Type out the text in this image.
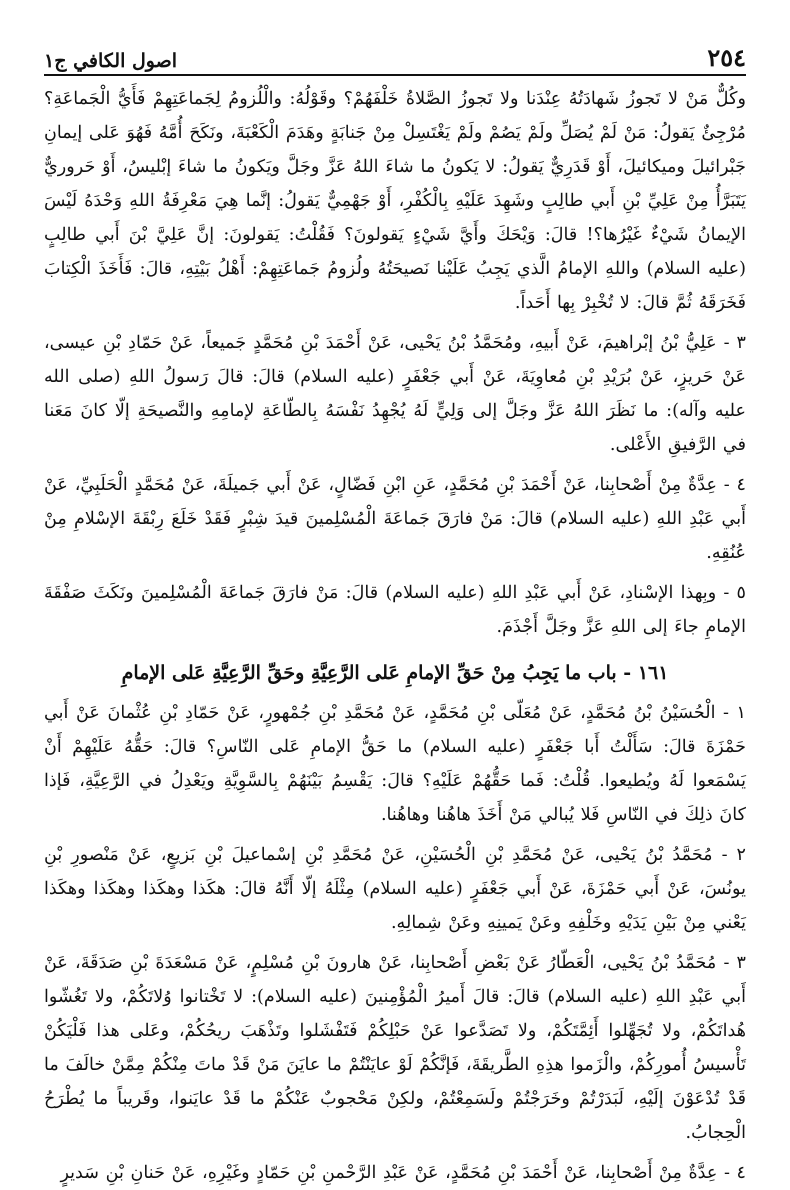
٢٥٤
اصول الكافي ج١

وكُلٌّ مَنْ لا تَجوزُ شَهادَتُهُ عِنْدَنا ولا تَجوزُ الصَّلاةُ خَلْفَهُمْ؟ وقَوْلُهُ: والْلُزومُ لِجَماعَتِهِمْ فَأَيُّ الْجَماعَةِ؟ مُرْجِئٌ يَقولُ: مَنْ لَمْ يُصَلِّ ولَمْ يَصُمْ ولَمْ يَغْتَسِلْ مِنْ جَنابَةٍ وهَدَمَ الْكَعْبَةَ، ونَكَحَ أُمَّهُ فَهُوَ عَلى إيمانِ جَبْرائيلَ وميكائيلَ، أَوْ قَدَرِيٌّ يَقولُ: لا يَكونُ ما شاءَ اللهُ عَزَّ وجَلَّ ويَكونُ ما شاءَ إبْليسُ، أَوْ حَروريٌّ يَتَبَرَّأُ مِنْ عَلِيِّ بْنِ أَبي طالِبٍ وشَهِدَ عَلَيْهِ بِالْكُفْرِ، أَوْ جَهْمِيٌّ يَقولُ: إنَّما هِيَ مَعْرِفَةُ اللهِ وَحْدَهُ لَيْسَ الإيمانُ شَيْءٌ غَيْرُها؟! قالَ: وَيْحَكَ وأَيَّ شَيْءٍ يَقولونَ؟ فَقُلْتُ: يَقولونَ: إنَّ عَلِيَّ بْنَ أَبي طالِبٍ (عليه السلام) واللهِ الإمامُ الَّذي يَجِبُ عَلَيْنا نَصيحَتُهُ ولُزومُ جَماعَتِهِمْ: أَهْلُ بَيْتِهِ، قالَ: فَأَخَذَ الْكِتابَ فَخَرَقَهُ ثُمَّ قالَ: لا تُخْبِرْ بِها أَحَداً.

٣ - عَلِيُّ بْنُ إبْراهيمَ، عَنْ أَبيهِ، ومُحَمَّدُ بْنُ يَحْيى، عَنْ أَحْمَدَ بْنِ مُحَمَّدٍ جَميعاً، عَنْ حَمّادِ بْنِ عيسى، عَنْ حَريزٍ، عَنْ بُرَيْدِ بْنِ مُعاوِيَةَ، عَنْ أَبي جَعْفَرٍ (عليه السلام) قالَ: قالَ رَسولُ اللهِ (صلى الله عليه وآله): ما نَظَرَ اللهُ عَزَّ وجَلَّ إلى وَلِيٍّ لَهُ يُجْهِدُ نَفْسَهُ بِالطّاعَةِ لإمامِهِ والنَّصيحَةِ إلّا كانَ مَعَنا في الرَّفيقِ الأَعْلى.

٤ - عِدَّةٌ مِنْ أَصْحابِنا، عَنْ أَحْمَدَ بْنِ مُحَمَّدٍ، عَنِ ابْنِ فَضّالٍ، عَنْ أَبي جَميلَةَ، عَنْ مُحَمَّدٍ الْحَلَبِيِّ، عَنْ أَبي عَبْدِ اللهِ (عليه السلام) قالَ: مَنْ فارَقَ جَماعَةَ الْمُسْلِمينَ قيدَ شِبْرٍ فَقَدْ خَلَعَ رِبْقَةَ الإسْلامِ مِنْ عُنُقِهِ.

٥ - وبِهذا الإسْنادِ، عَنْ أَبي عَبْدِ اللهِ (عليه السلام) قالَ: مَنْ فارَقَ جَماعَةَ الْمُسْلِمينَ ونَكَثَ صَفْقَةَ الإمامِ جاءَ إلى اللهِ عَزَّ وجَلَّ أَجْذَمَ.

١٦١ - باب ما يَجِبُ مِنْ حَقِّ الإمامِ عَلى الرَّعِيَّةِ وحَقِّ الرَّعِيَّةِ عَلى الإمامِ

١ - الْحُسَيْنُ بْنُ مُحَمَّدٍ، عَنْ مُعَلّى بْنِ مُحَمَّدٍ، عَنْ مُحَمَّدِ بْنِ جُمْهورٍ، عَنْ حَمّادِ بْنِ عُثْمانَ عَنْ أَبي حَمْزَةَ قالَ: سَأَلْتُ أَبا جَعْفَرٍ (عليه السلام) ما حَقُّ الإمامِ عَلى النّاسِ؟ قالَ: حَقُّهُ عَلَيْهِمْ أَنْ يَسْمَعوا لَهُ ويُطيعوا. قُلْتُ: فَما حَقُّهُمْ عَلَيْهِ؟ قالَ: يَقْسِمُ بَيْنَهُمْ بِالسَّوِيَّةِ ويَعْدِلُ في الرَّعِيَّةِ، فَإذا كانَ ذلِكَ في النّاسِ فَلا يُبالي مَنْ أَخَذَ هاهُنا وهاهُنا.

٢ - مُحَمَّدُ بْنُ يَحْيى، عَنْ مُحَمَّدِ بْنِ الْحُسَيْنِ، عَنْ مُحَمَّدِ بْنِ إسْماعيلَ بْنِ بَزيعٍ، عَنْ مَنْصورِ بْنِ يونُسَ، عَنْ أَبي حَمْزَةَ، عَنْ أَبي جَعْفَرٍ (عليه السلام) مِثْلَهُ إلّا أَنَّهُ قالَ: هكَذا وهكَذا وهكَذا وهكَذا يَعْني مِنْ بَيْنِ يَدَيْهِ وخَلْفِهِ وعَنْ يَمينِهِ وعَنْ شِمالِهِ.

٣ - مُحَمَّدُ بْنُ يَحْيى، الْعَطّارُ عَنْ بَعْضِ أَصْحابِنا، عَنْ هارونَ بْنِ مُسْلِمٍ، عَنْ مَسْعَدَةَ بْنِ صَدَقَةَ، عَنْ أَبي عَبْدِ اللهِ (عليه السلام) قالَ: قالَ أَميرُ الْمُؤْمِنينَ (عليه السلام): لا تَخْتانوا وُلاتَكُمْ، ولا تَغُشّوا هُداتَكُمْ، ولا تُجَهِّلوا أَئِمَّتَكُمْ، ولا تَصَدَّعوا عَنْ حَبْلِكُمْ فَتَفْشَلوا وتَذْهَبَ ريحُكُمْ، وعَلى هذا فَلْيَكُنْ تَأْسيسُ أُمورِكُمْ، والْزَموا هذِهِ الطَّريقَةَ، فَإنَّكُمْ لَوْ عايَنْتُمْ ما عايَنَ مَنْ قَدْ ماتَ مِنْكُمْ مِمَّنْ خالَفَ ما قَدْ تُدْعَوْنَ إلَيْهِ، لَبَدَرْتُمْ وخَرَجْتُمْ ولَسَمِعْتُمْ، ولكِنْ مَحْجوبٌ عَنْكُمْ ما قَدْ عايَنوا، وقَريباً ما يُطْرَحُ الْحِجابُ.

٤ - عِدَّةٌ مِنْ أَصْحابِنا، عَنْ أَحْمَدَ بْنِ مُحَمَّدٍ، عَنْ عَبْدِ الرَّحْمنِ بْنِ حَمّادٍ وغَيْرِهِ، عَنْ حَنانِ بْنِ سَديرٍ
